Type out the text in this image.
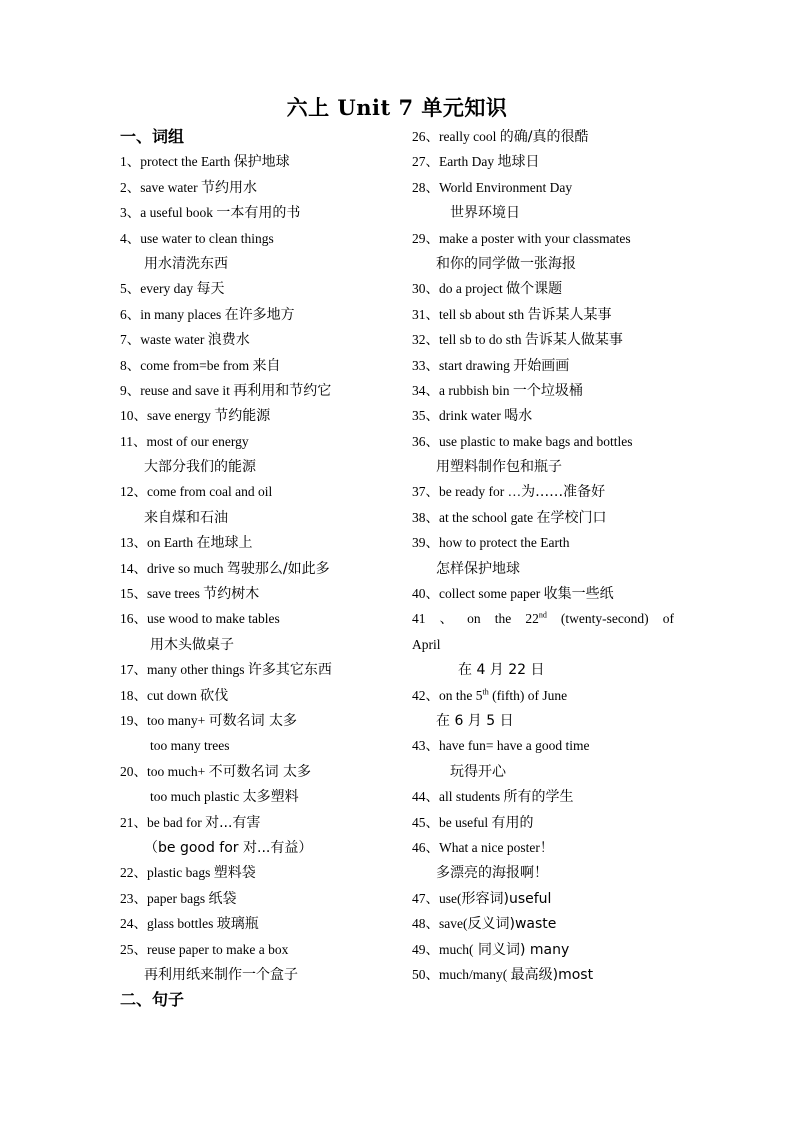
六上 Unit 7 单元知识
一、词组
1、protect the Earth 保护地球
2、save water 节约用水
3、a useful book 一本有用的书
4、use water to clean things
用水清洗东西
5、every day 每天
6、in many places 在许多地方
7、waste water 浪费水
8、come from=be from 来自
9、reuse and save it 再利用和节约它
10、save energy 节约能源
11、most of our energy
大部分我们的能源
12、come from coal and oil
来自煤和石油
13、on Earth 在地球上
14、drive so much 驾驶那么/如此多
15、save trees 节约树木
16、use wood to make tables
用木头做桌子
17、many other things 许多其它东西
18、cut down 砍伐
19、too many+ 可数名词 太多
too many trees
20、too much+ 不可数名词 太多
too much plastic 太多塑料
21、be bad for 对...有害
（be good for 对...有益）
22、plastic bags 塑料袋
23、paper bags 纸袋
24、glass bottles 玻璃瓶
25、reuse paper to make a box
再利用纸来制作一个盒子
二、句子
26、really cool 的确/真的很酷
27、Earth Day 地球日
28、World Environment Day
世界环境日
29、make a poster with your classmates
和你的同学做一张海报
30、do a project 做个课题
31、tell sb about sth 告诉某人某事
32、tell sb to do sth 告诉某人做某事
33、start drawing 开始画画
34、a rubbish bin 一个垃圾桶
35、drink water 喝水
36、use plastic to make bags and bottles
用塑料制作包和瓶子
37、be ready for …为……准备好
38、at the school gate 在学校门口
39、how to protect the Earth
怎样保护地球
40、collect some paper 收集一些纸
41 、 on the 22nd (twenty-second) of
April
在 4 月 22 日
42、on the 5th (fifth) of June
在 6 月 5 日
43、have fun= have a good time
玩得开心
44、all students 所有的学生
45、be useful 有用的
46、What a nice poster！
多漂亮的海报啊！
47、use(形容词)useful
48、save(反义词)waste
49、much( 同义词) many
50、much/many( 最高级)most
